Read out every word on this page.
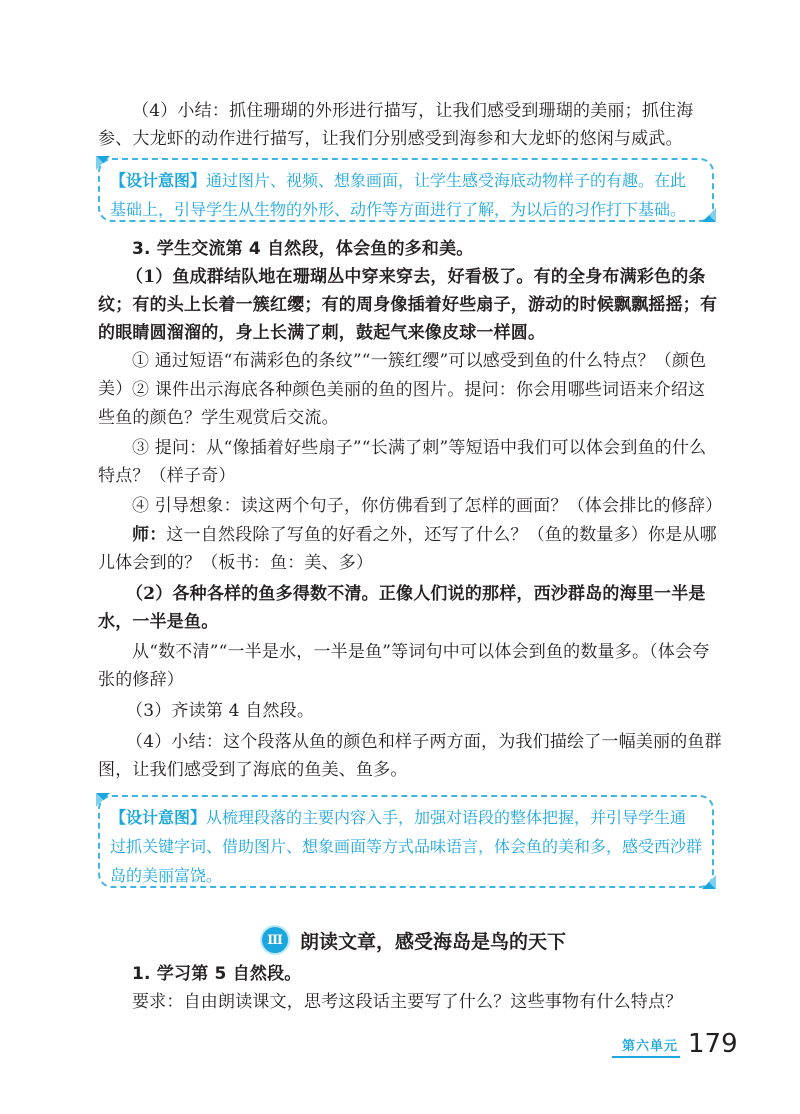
（4）小结：抓住珊瑚的外形进行描写，让我们感受到珊瑚的美丽；抓住海参、大龙虾的动作进行描写，让我们分别感受到海参和大龙虾的悠闲与威武。

【设计意图】通过图片、视频、想象画面，让学生感受海底动物样子的有趣。在此基础上，引导学生从生物的外形、动作等方面进行了解，为以后的习作打下基础。

3. 学生交流第 4 自然段，体会鱼的多和美。

（1）鱼成群结队地在珊瑚丛中穿来穿去，好看极了。有的全身布满彩色的条纹；有的头上长着一簇红缨；有的周身像插着好些扇子，游动的时候飘飘摇摇；有的眼睛圆溜溜的，身上长满了刺，鼓起气来像皮球一样圆。

① 通过短语“布满彩色的条纹”“一簇红缨”可以感受到鱼的什么特点？（颜色美） ② 课件出示海底各种颜色美丽的鱼的图片。提问：你会用哪些词语来介绍这些鱼的颜色？学生观赏后交流。

③ 提问：从“像插着好些扇子”“长满了刺”等短语中我们可以体会到鱼的什么特点？（样子奇）

④ 引导想象：读这两个句子，你仿佛看到了怎样的画面？（体会排比的修辞）

师：这一自然段除了写鱼的好看之外，还写了什么？（鱼的数量多）你是从哪儿体会到的？（板书：鱼：美、多）

（2）各种各样的鱼多得数不清。正像人们说的那样，西沙群岛的海里一半是水，一半是鱼。

从“数不清”“一半是水，一半是鱼”等词句中可以体会到鱼的数量多。（体会夸张的修辞）

（3）齐读第 4 自然段。

（4）小结：这个段落从鱼的颜色和样子两方面，为我们描绘了一幅美丽的鱼群图，让我们感受到了海底的鱼美、鱼多。

【设计意图】从梳理段落的主要内容入手，加强对语段的整体把握，并引导学生通过抓关键字词、借助图片、想象画面等方式品味语言，体会鱼的美和多，感受西沙群岛的美丽富饶。
Ⅲ 朗读文章，感受海岛是鸟的天下

1. 学习第 5 自然段。

要求：自由朗读课文，思考这段话主要写了什么？这些事物有什么特点？

第六单元 179
